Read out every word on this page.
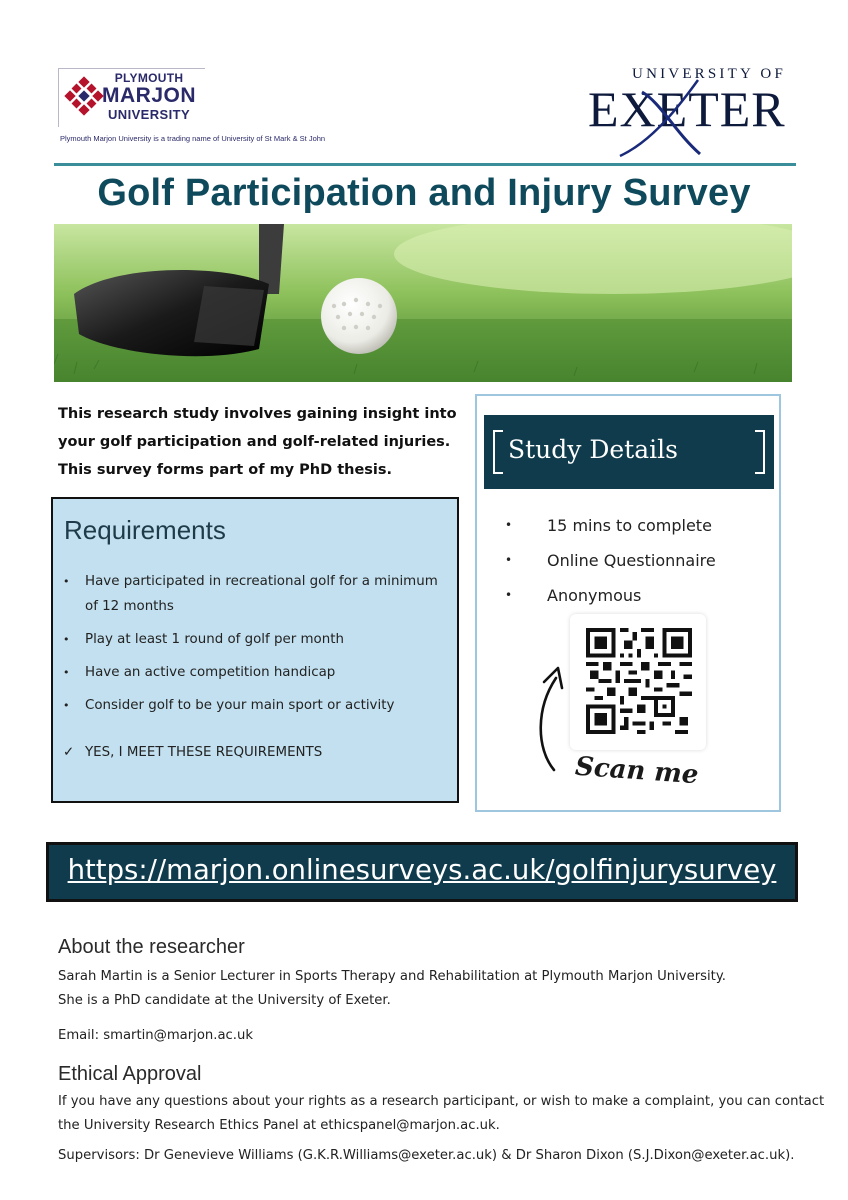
PLYMOUTH
MARJON
UNIVERSITY
Plymouth Marjon University is a trading name of University of St Mark & St John
UNIVERSITY OF
EXETER
Golf Participation and Injury Survey
This research study involves gaining insight into
your golf participation and golf-related injuries.
This survey forms part of my PhD thesis.
Requirements
• Have participated in recreational golf for a minimum of 12 months
• Play at least 1 round of golf per month
• Have an active competition handicap
• Consider golf to be your main sport or activity
✓ YES, I MEET THESE REQUIREMENTS
Study Details
• 15 mins to complete
• Online Questionnaire
• Anonymous
Scan me
https://marjon.onlinesurveys.ac.uk/golfinjurysurvey
About the researcher
Sarah Martin is a Senior Lecturer in Sports Therapy and Rehabilitation at Plymouth Marjon University.
She is a PhD candidate at the University of Exeter.
Email: smartin@marjon.ac.uk
Ethical Approval
If you have any questions about your rights as a research participant, or wish to make a complaint, you can contact
the University Research Ethics Panel at ethicspanel@marjon.ac.uk.
Supervisors: Dr Genevieve Williams (G.K.R.Williams@exeter.ac.uk) & Dr Sharon Dixon (S.J.Dixon@exeter.ac.uk).
